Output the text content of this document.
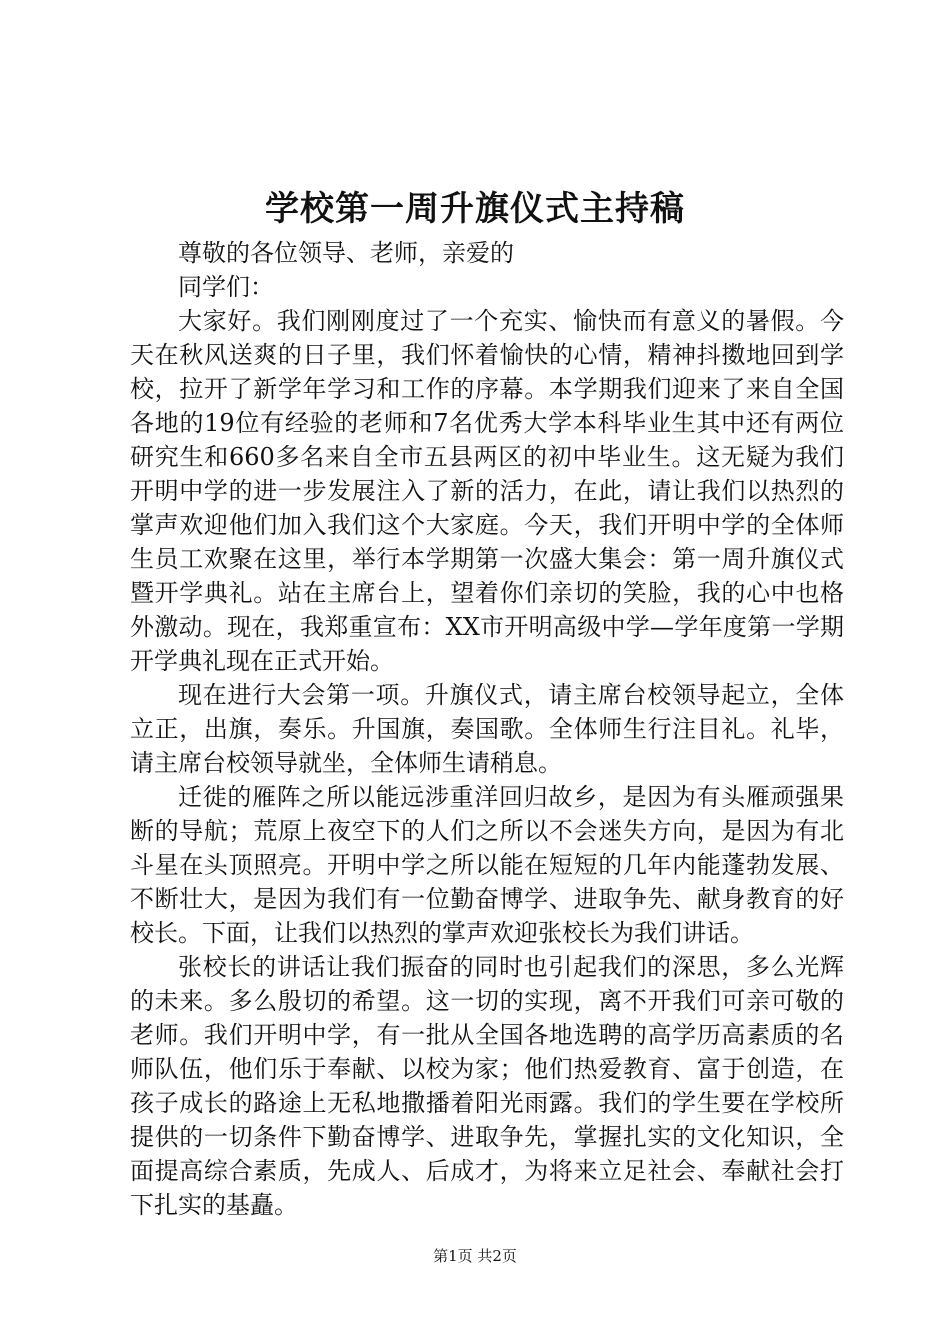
学校第一周升旗仪式主持稿

尊敬的各位领导、老师，亲爱的

同学们：

大家好。我们刚刚度过了一个充实、愉快而有意义的暑假。今天在秋风送爽的日子里，我们怀着愉快的心情，精神抖擞地回到学校，拉开了新学年学习和工作的序幕。本学期我们迎来了来自全国各地的19位有经验的老师和7名优秀大学本科毕业生其中还有两位研究生和660多名来自全市五县两区的初中毕业生。这无疑为我们开明中学的进一步发展注入了新的活力，在此，请让我们以热烈的掌声欢迎他们加入我们这个大家庭。今天，我们开明中学的全体师生员工欢聚在这里，举行本学期第一次盛大集会：第一周升旗仪式暨开学典礼。站在主席台上，望着你们亲切的笑脸，我的心中也格外激动。现在，我郑重宣布：XX市开明高级中学—学年度第一学期开学典礼现在正式开始。

现在进行大会第一项。升旗仪式，请主席台校领导起立，全体立正，出旗，奏乐。升国旗，奏国歌。全体师生行注目礼。礼毕，请主席台校领导就坐，全体师生请稍息。

迁徙的雁阵之所以能远涉重洋回归故乡，是因为有头雁顽强果断的导航；荒原上夜空下的人们之所以不会迷失方向，是因为有北斗星在头顶照亮。开明中学之所以能在短短的几年内能蓬勃发展、不断壮大，是因为我们有一位勤奋博学、进取争先、献身教育的好校长。下面，让我们以热烈的掌声欢迎张校长为我们讲话。

张校长的讲话让我们振奋的同时也引起我们的深思，多么光辉的未来。多么殷切的希望。这一切的实现，离不开我们可亲可敬的老师。我们开明中学，有一批从全国各地选聘的高学历高素质的名师队伍，他们乐于奉献、以校为家；他们热爱教育、富于创造，在孩子成长的路途上无私地撒播着阳光雨露。我们的学生要在学校所提供的一切条件下勤奋博学、进取争先，掌握扎实的文化知识，全面提高综合素质，先成人、后成才，为将来立足社会、奉献社会打下扎实的基矗。

第1页 共2页
